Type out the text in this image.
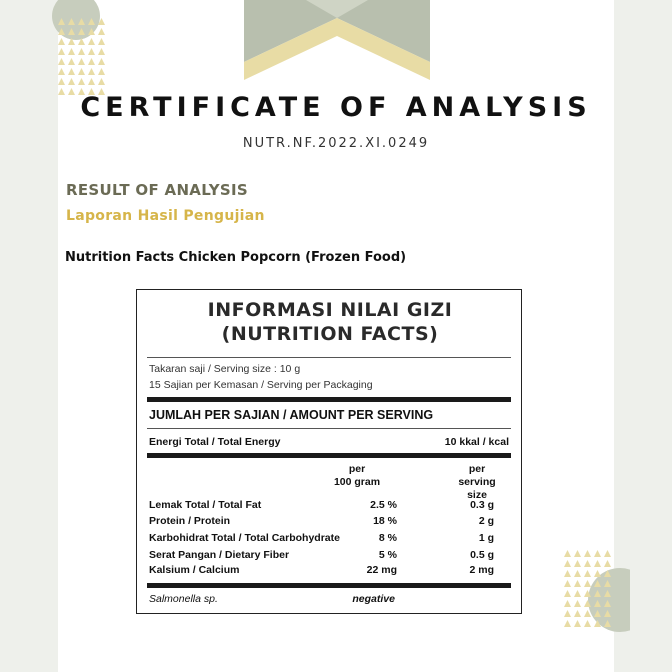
CERTIFICATE OF ANALYSIS
NUTR.NF.2022.XI.0249
RESULT OF ANALYSIS
Laporan Hasil Pengujian
Nutrition Facts Chicken Popcorn (Frozen Food)
INFORMASI NILAI GIZI
(NUTRITION FACTS)
Takaran saji / Serving size : 10 g
15 Sajian per Kemasan / Serving per Packaging
JUMLAH PER SAJIAN / AMOUNT PER SERVING
Energi Total / Total Energy	10 kkal / kcal
per
100 gram
per
serving size
Lemak Total / Total Fat	2.5 %	0.3 g
Protein / Protein	18 %	2 g
Karbohidrat Total / Total Carbohydrate	8 %	1 g
Serat Pangan / Dietary Fiber	5 %	0.5 g
Kalsium / Calcium	22 mg	2 mg
Salmonella sp.	negative
